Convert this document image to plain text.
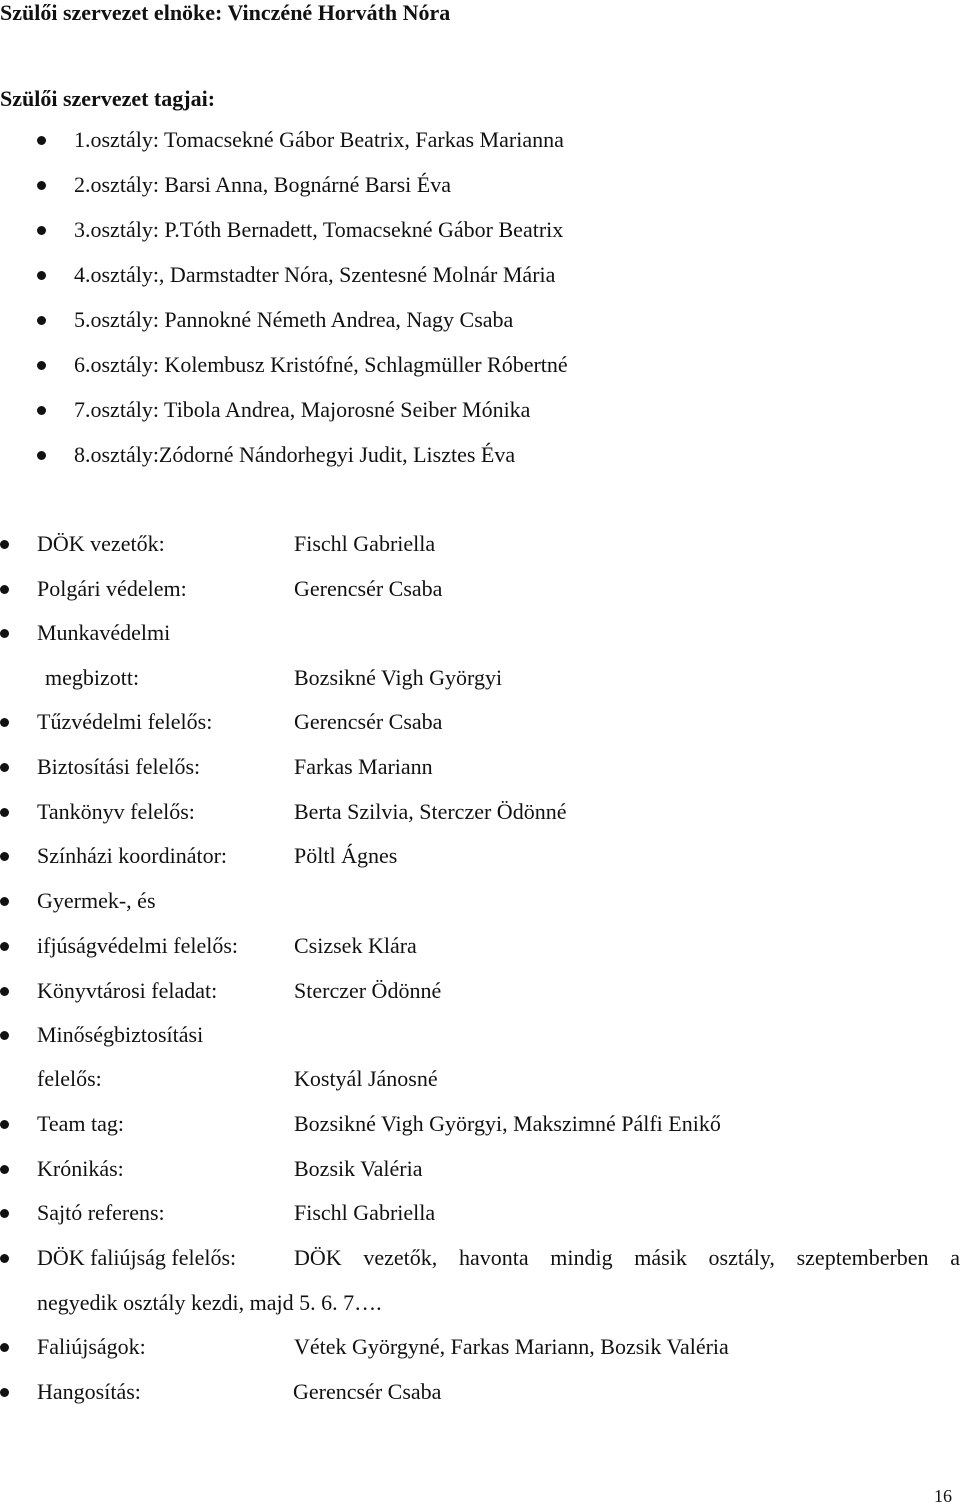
Szülői szervezet elnöke: Vinczéné Horváth Nóra
Szülői szervezet tagjai:
1.osztály: Tomacsekné Gábor Beatrix, Farkas Marianna
2.osztály: Barsi Anna, Bognárné Barsi Éva
3.osztály: P.Tóth Bernadett, Tomacsekné Gábor Beatrix
4.osztály:, Darmstadter Nóra, Szentesné Molnár Mária
5.osztály: Pannokné Németh Andrea, Nagy Csaba
6.osztály: Kolembusz Kristófné, Schlagmüller Róbertné
7.osztály: Tibola Andrea, Majorosné Seiber Mónika
8.osztály:Zódorné Nándorhegyi Judit, Lisztes Éva
DÖK vezetők:	Fischl Gabriella
Polgári védelem:	Gerencsér Csaba
Munkavédelmi
megbizott:	Bozsikné Vigh Györgyi
Tűzvédelmi felelős:	Gerencsér Csaba
Biztosítási felelős:	Farkas Mariann
Tankönyv felelős:	Berta Szilvia, Sterczer Ödönné
Színházi koordinátor:	Pöltl Ágnes
Gyermek-, és
ifjúságvédelmi felelős:	Csizsek Klára
Könyvtárosi feladat:	Sterczer Ödönné
Minőségbiztosítási
felelős:	Kostyál Jánosné
Team tag:	Bozsikné Vigh Györgyi, Makszimné Pálfi Enikő
Krónikás:	Bozsik Valéria
Sajtó referens:	Fischl Gabriella
DÖK faliújság felelős:	DÖK vezetők, havonta mindig másik osztály, szeptemberben a
negyedik osztály kezdi, majd 5. 6. 7….
Faliújságok:	Vétek Györgyné, Farkas Mariann, Bozsik Valéria
Hangosítás:	Gerencsér Csaba
16
